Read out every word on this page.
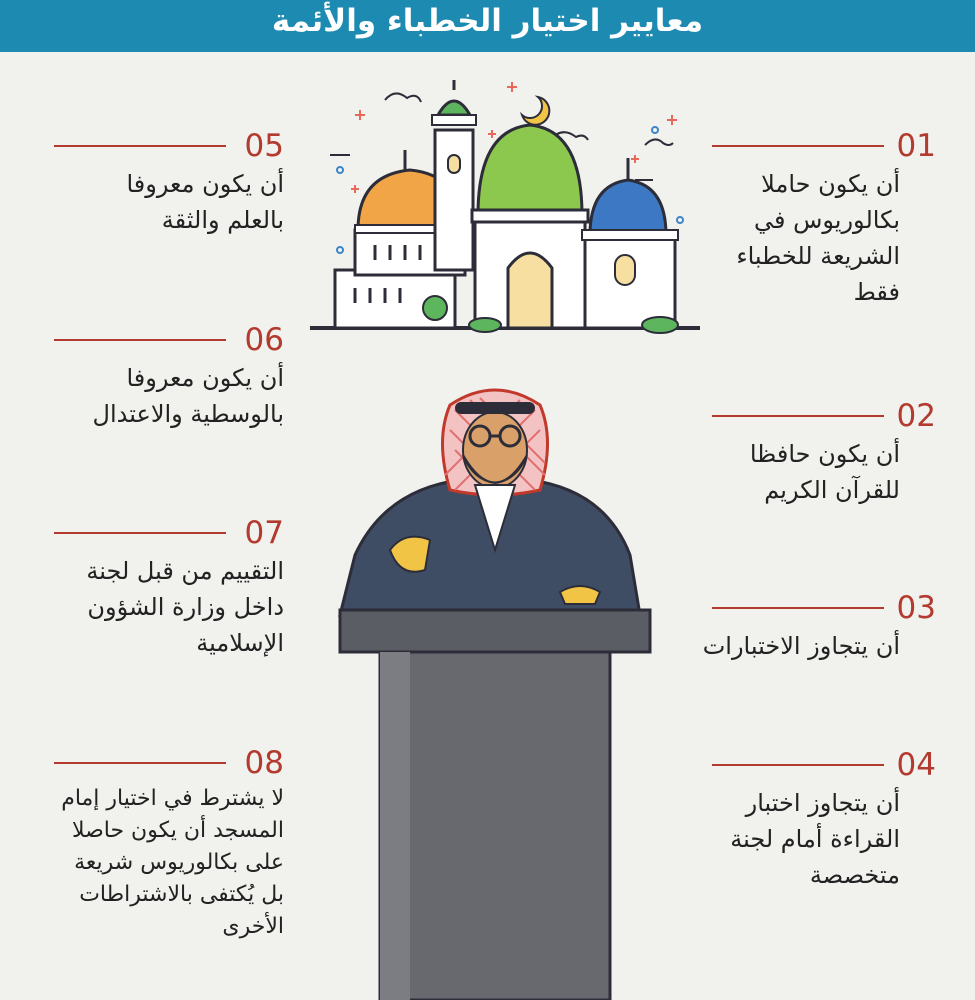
معايير اختيار الخطباء والأئمة
01
أن يكون حاملا
بكالوريوس في
الشريعة للخطباء
فقط
02
أن يكون حافظا
للقرآن الكريم
03
أن يتجاوز الاختبارات
04
أن يتجاوز اختبار
القراءة أمام لجنة
متخصصة
05
أن يكون معروفا
بالعلم والثقة
06
أن يكون معروفا
بالوسطية والاعتدال
07
التقييم من قبل لجنة
داخل وزارة الشؤون
الإسلامية
08
لا يشترط في اختيار إمام
المسجد أن يكون حاصلا
على بكالوريوس شريعة
بل يُكتفى بالاشتراطات
الأخرى
